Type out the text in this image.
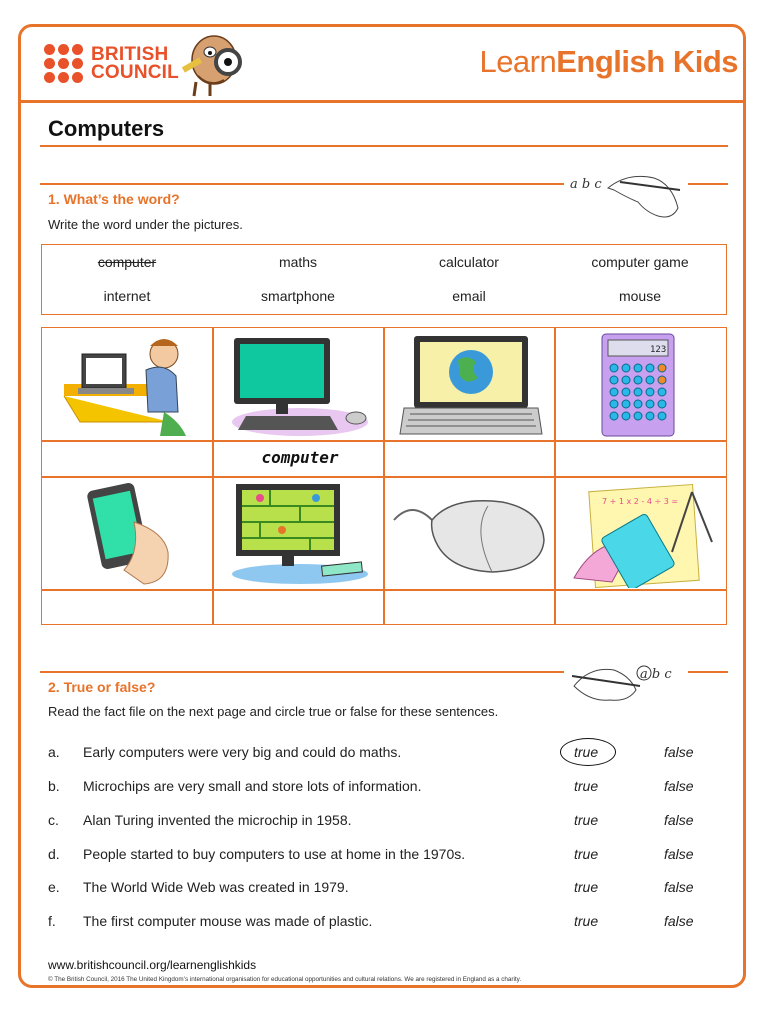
BRITISH
COUNCIL	LearnEnglish Kids
Computers
a b c
1. What’s the word?
Write the word under the pictures.
computer	maths	calculator	computer game
internet	smartphone	email	mouse
123
7 + 1 x 2 - 4 ÷ 3 =
computer
a b c
2. True or false?
Read the fact file on the next page and circle true or false for these sentences.
a. Early computers were very big and could do maths.	true	false
b. Microchips are very small and store lots of information.	true	false
c. Alan Turing invented the microchip in 1958.	true	false
d. People started to buy computers to use at home in the 1970s.	true	false
e. The World Wide Web was created in 1979.	true	false
f. The first computer mouse was made of plastic.	true	false
www.britishcouncil.org/learnenglishkids
© The British Council, 2016 The United Kingdom’s international organisation for educational opportunities and cultural relations. We are registered in England as a charity.
